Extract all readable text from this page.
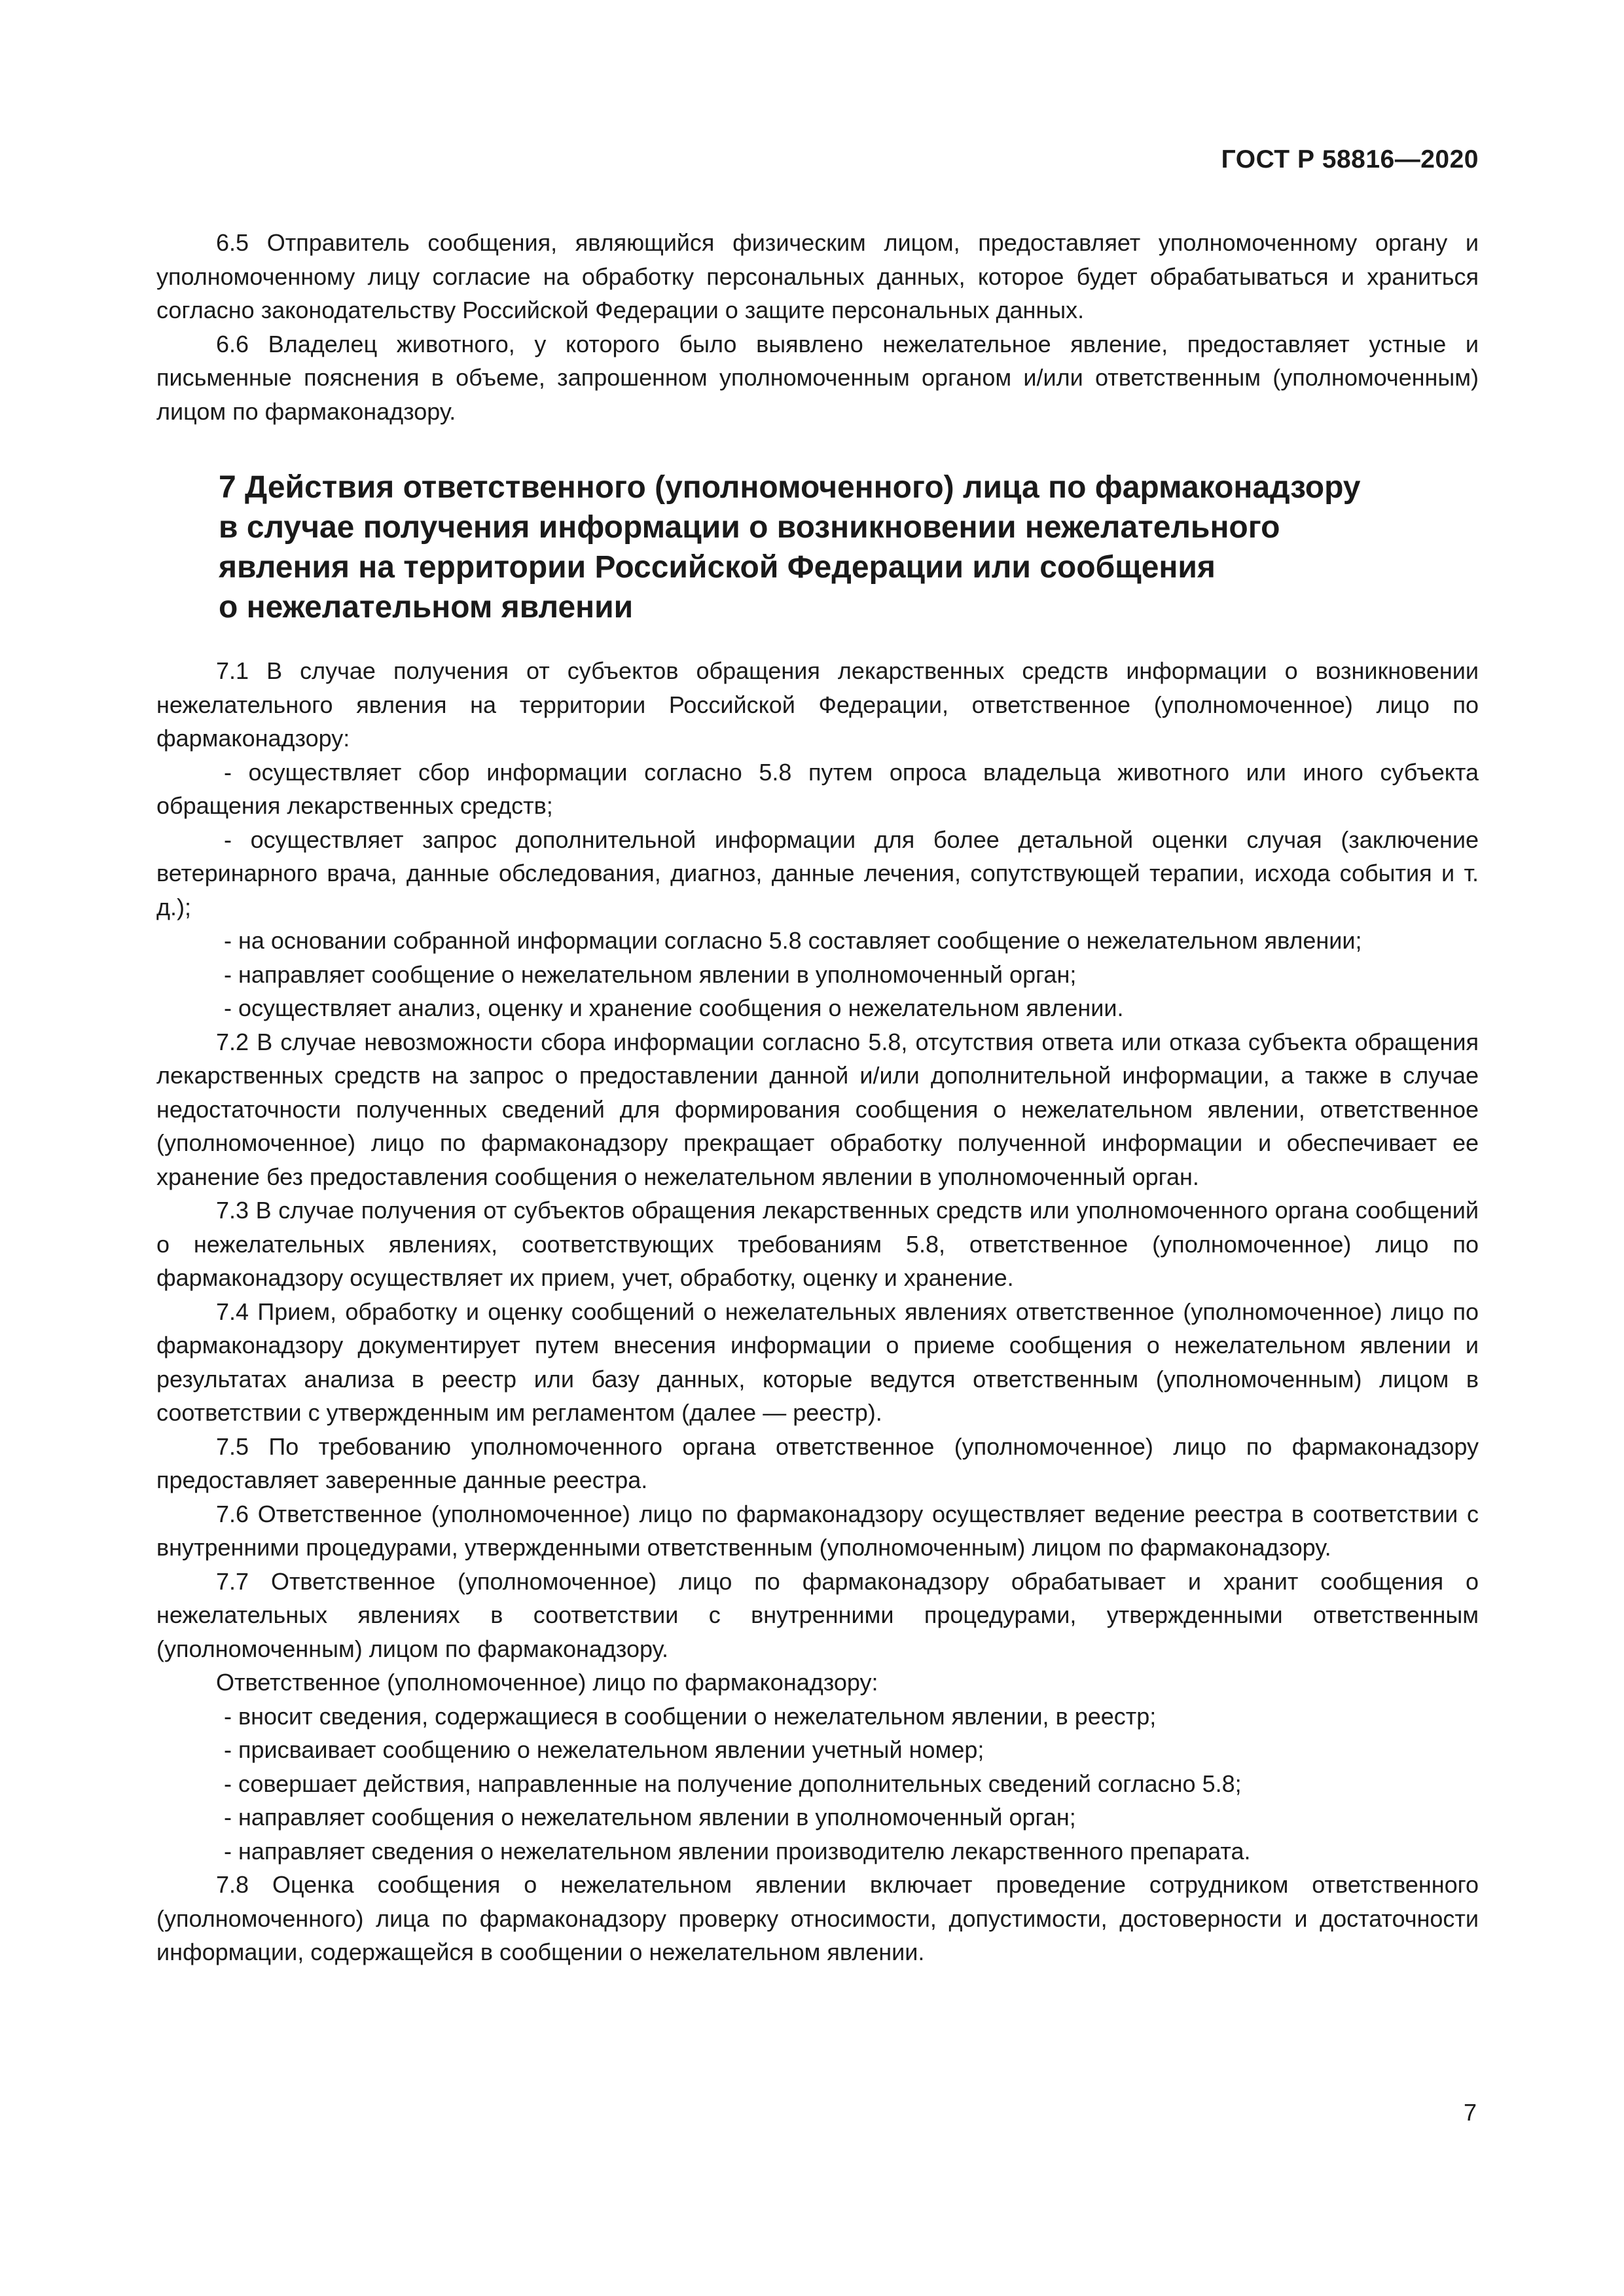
ГОСТ Р 58816—2020

6.5 Отправитель сообщения, являющийся физическим лицом, предоставляет уполномоченному органу и уполномоченному лицу согласие на обработку персональных данных, которое будет обрабатываться и храниться согласно законодательству Российской Федерации о защите персональных данных.

6.6 Владелец животного, у которого было выявлено нежелательное явление, предоставляет устные и письменные пояснения в объеме, запрошенном уполномоченным органом и/или ответственным (уполномоченным) лицом по фармаконадзору.

7 Действия ответственного (уполномоченного) лица по фармаконадзору
в случае получения информации о возникновении нежелательного
явления на территории Российской Федерации или сообщения
о нежелательном явлении

7.1 В случае получения от субъектов обращения лекарственных средств информации о возникновении нежелательного явления на территории Российской Федерации, ответственное (уполномоченное) лицо по фармаконадзору:

- осуществляет сбор информации согласно 5.8 путем опроса владельца животного или иного субъекта обращения лекарственных средств;

- осуществляет запрос дополнительной информации для более детальной оценки случая (заключение ветеринарного врача, данные обследования, диагноз, данные лечения, сопутствующей терапии, исхода события и т. д.);

- на основании собранной информации согласно 5.8 составляет сообщение о нежелательном явлении;

- направляет сообщение о нежелательном явлении в уполномоченный орган;

- осуществляет анализ, оценку и хранение сообщения о нежелательном явлении.

7.2 В случае невозможности сбора информации согласно 5.8, отсутствия ответа или отказа субъекта обращения лекарственных средств на запрос о предоставлении данной и/или дополнительной информации, а также в случае недостаточности полученных сведений для формирования сообщения о нежелательном явлении, ответственное (уполномоченное) лицо по фармаконадзору прекращает обработку полученной информации и обеспечивает ее хранение без предоставления сообщения о нежелательном явлении в уполномоченный орган.

7.3 В случае получения от субъектов обращения лекарственных средств или уполномоченного органа сообщений о нежелательных явлениях, соответствующих требованиям 5.8, ответственное (уполномоченное) лицо по фармаконадзору осуществляет их прием, учет, обработку, оценку и хранение.

7.4 Прием, обработку и оценку сообщений о нежелательных явлениях ответственное (уполномоченное) лицо по фармаконадзору документирует путем внесения информации о приеме сообщения о нежелательном явлении и результатах анализа в реестр или базу данных, которые ведутся ответственным (уполномоченным) лицом в соответствии с утвержденным им регламентом (далее — реестр).

7.5 По требованию уполномоченного органа ответственное (уполномоченное) лицо по фармаконадзору предоставляет заверенные данные реестра.

7.6 Ответственное (уполномоченное) лицо по фармаконадзору осуществляет ведение реестра в соответствии с внутренними процедурами, утвержденными ответственным (уполномоченным) лицом по фармаконадзору.

7.7 Ответственное (уполномоченное) лицо по фармаконадзору обрабатывает и хранит сообщения о нежелательных явлениях в соответствии с внутренними процедурами, утвержденными ответственным (уполномоченным) лицом по фармаконадзору.

Ответственное (уполномоченное) лицо по фармаконадзору:

- вносит сведения, содержащиеся в сообщении о нежелательном явлении, в реестр;

- присваивает сообщению о нежелательном явлении учетный номер;

- совершает действия, направленные на получение дополнительных сведений согласно 5.8;

- направляет сообщения о нежелательном явлении в уполномоченный орган;

- направляет сведения о нежелательном явлении производителю лекарственного препарата.

7.8 Оценка сообщения о нежелательном явлении включает проведение сотрудником ответственного (уполномоченного) лица по фармаконадзору проверку относимости, допустимости, достоверности и достаточности информации, содержащейся в сообщении о нежелательном явлении.

7
